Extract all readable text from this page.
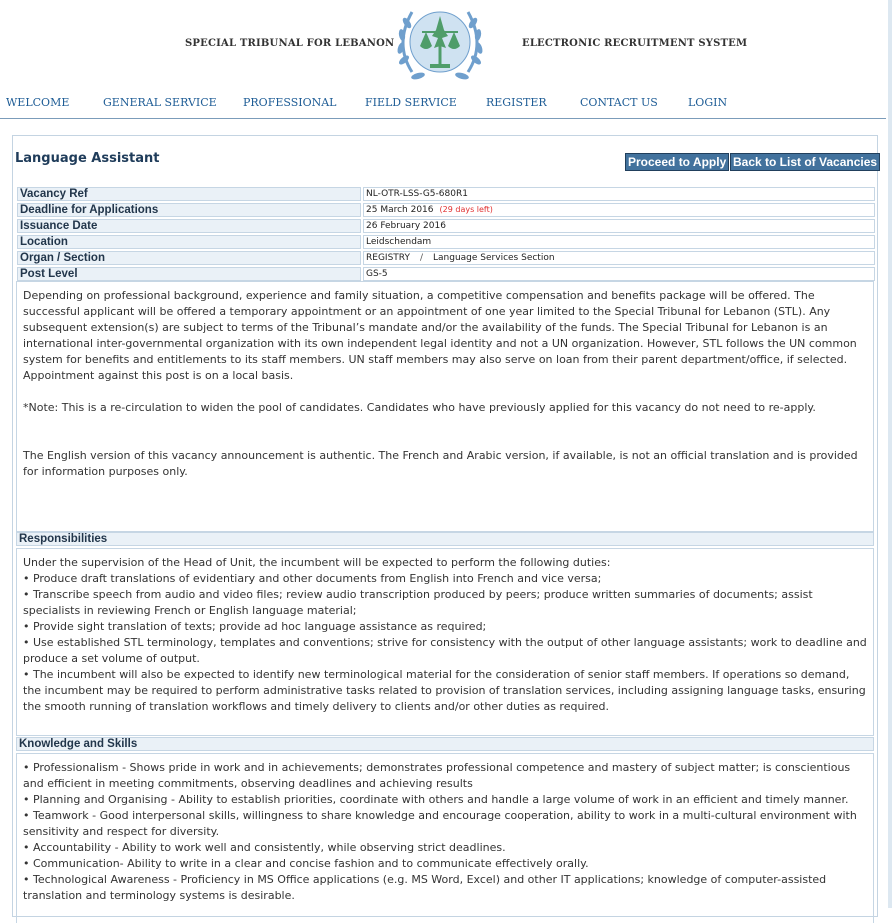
SPECIAL TRIBUNAL FOR LEBANON	ELECTRONIC RECRUITMENT SYSTEM
WELCOME	GENERAL SERVICE PROFESSIONAL	FIELD SERVICE	REGISTER	CONTACT US	LOGIN
Language Assistant	Proceed to Apply Back to List of Vacancies
Vacancy Ref	NL-OTR-LSS-G5-680R1
Deadline for Applications	25 March 2016 (29 days left)
Issuance Date	26 February 2016
Location	Leidschendam
Organ / Section	REGISTRY / Language Services Section
Post Level	GS-5

Depending on professional background, experience and family situation, a competitive compensation and benefits package will be offered. The successful applicant will be offered a temporary appointment or an appointment of one year limited to the Special Tribunal for Lebanon (STL). Any subsequent extension(s) are subject to terms of the Tribunal’s mandate and/or the availability of the funds. The Special Tribunal for Lebanon is an international inter-governmental organization with its own independent legal identity and not a UN organization. However, STL follows the UN common system for benefits and entitlements to its staff members. UN staff members may also serve on loan from their parent department/office, if selected. Appointment against this post is on a local basis.

*Note: This is a re-circulation to widen the pool of candidates. Candidates who have previously applied for this vacancy do not need to re-apply.

The English version of this vacancy announcement is authentic. The French and Arabic version, if available, is not an official translation and is provided for information purposes only.

Responsibilities

Under the supervision of the Head of Unit, the incumbent will be expected to perform the following duties:

• Produce draft translations of evidentiary and other documents from English into French and vice versa;

• Transcribe speech from audio and video files; review audio transcription produced by peers; produce written summaries of documents; assist specialists in reviewing French or English language material;

• Provide sight translation of texts; provide ad hoc language assistance as required;

• Use established STL terminology, templates and conventions; strive for consistency with the output of other language assistants; work to deadline and produce a set volume of output.

• The incumbent will also be expected to identify new terminological material for the consideration of senior staff members. If operations so demand, the incumbent may be required to perform administrative tasks related to provision of translation services, including assigning language tasks, ensuring the smooth running of translation workflows and timely delivery to clients and/or other duties as required.

Knowledge and Skills

• Professionalism - Shows pride in work and in achievements; demonstrates professional competence and mastery of subject matter; is conscientious and efficient in meeting commitments, observing deadlines and achieving results

• Planning and Organising - Ability to establish priorities, coordinate with others and handle a large volume of work in an efficient and timely manner.

• Teamwork - Good interpersonal skills, willingness to share knowledge and encourage cooperation, ability to work in a multi-cultural environment with sensitivity and respect for diversity.

• Accountability - Ability to work well and consistently, while observing strict deadlines.

• Communication- Ability to write in a clear and concise fashion and to communicate effectively orally.

• Technological Awareness - Proficiency in MS Office applications (e.g. MS Word, Excel) and other IT applications; knowledge of computer-assisted translation and terminology systems is desirable.
